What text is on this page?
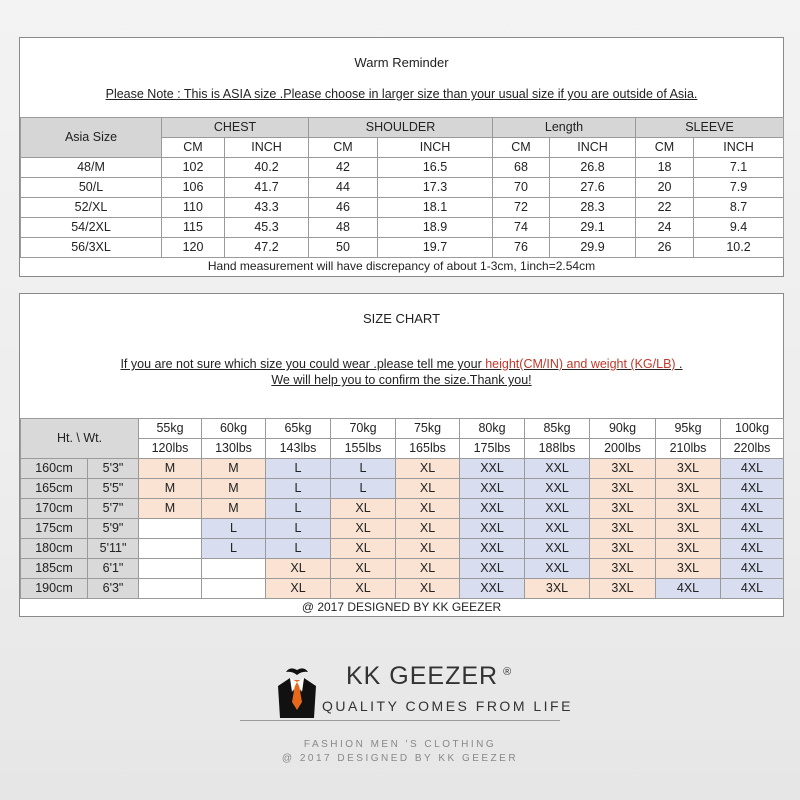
Warm Reminder
Please Note : This is ASIA size .Please choose in larger size than your usual size if you are outside of Asia.
Asia Size	CHEST		SHOULDER		Length		SLEEVE	
	CM	INCH	CM	INCH	CM	INCH	CM	INCH
48/M	102	40.2	42	16.5	68	26.8	18	7.1
50/L	106	41.7	44	17.3	70	27.6	20	7.9
52/XL	110	43.3	46	18.1	72	28.3	22	8.7
54/2XL	115	45.3	48	18.9	74	29.1	24	9.4
56/3XL	120	47.2	50	19.7	76	29.9	26	10.2
Hand measurement will have discrepancy of about 1-3cm, 1inch=2.54cm
SIZE CHART
If you are not sure which size you could wear .please tell me your height(CM/IN) and weight (KG/LB) .
We will help you to confirm the size.Thank you!
Ht. \ Wt.		55kg	60kg	65kg	70kg	75kg	80kg	85kg	90kg	95kg	100kg
		120lbs	130lbs	143lbs	155lbs	165lbs	175lbs	188lbs	200lbs	210lbs	220lbs
160cm	5'3"	M	M	L	L	XL	XXL	XXL	3XL	3XL	4XL
165cm	5'5"	M	M	L	L	XL	XXL	XXL	3XL	3XL	4XL
170cm	5'7"	M	M	L	XL	XL	XXL	XXL	3XL	3XL	4XL
175cm	5'9"		L	L	XL	XL	XXL	XXL	3XL	3XL	4XL
180cm	5'11"		L	L	XL	XL	XXL	XXL	3XL	3XL	4XL
185cm	6'1"			XL	XL	XL	XXL	XXL	3XL	3XL	4XL
190cm	6'3"			XL	XL	XL	XXL	3XL	3XL	4XL	4XL
@ 2017 DESIGNED BY KK GEEZER
KK GEEZER ®
QUALITY COMES FROM LIFE
FASHION MEN 'S CLOTHING
@ 2017 DESIGNED BY KK GEEZER
